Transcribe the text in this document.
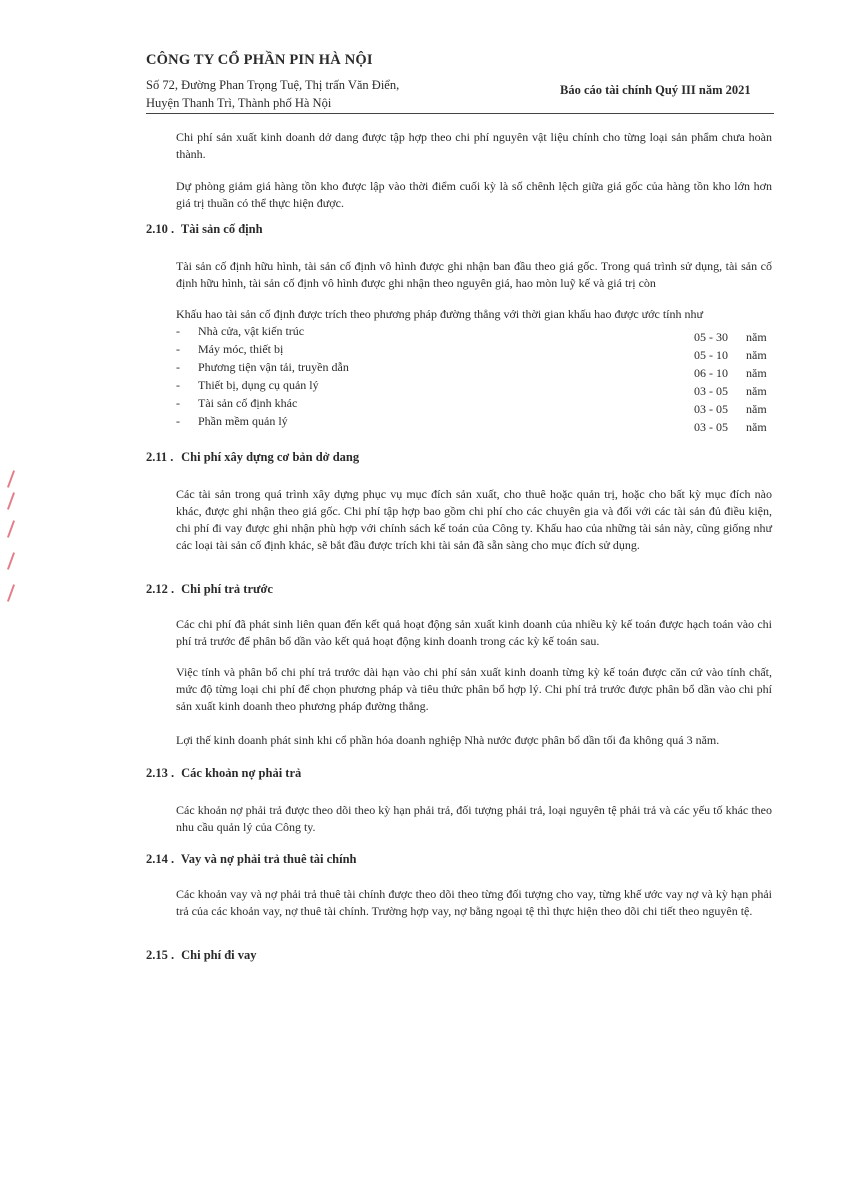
CÔNG TY CỔ PHẦN PIN HÀ NỘI
Số 72, Đường Phan Trọng Tuệ, Thị trấn Văn Điển,
Huyện Thanh Trì, Thành phố Hà Nội
Báo cáo tài chính Quý III năm 2021
Chi phí sản xuất kinh doanh dở dang được tập hợp theo chi phí nguyên vật liệu chính cho từng loại sản phẩm chưa hoàn thành.
Dự phòng giảm giá hàng tồn kho được lập vào thời điểm cuối kỳ là số chênh lệch giữa giá gốc của hàng tồn kho lớn hơn giá trị thuần có thể thực hiện được.
2.10 . Tài sản cố định
Tài sản cố định hữu hình, tài sản cố định vô hình được ghi nhận ban đầu theo giá gốc. Trong quá trình sử dụng, tài sản cố định hữu hình, tài sản cố định vô hình được ghi nhận theo nguyên giá, hao mòn luỹ kế và giá trị còn
Khấu hao tài sản cố định được trích theo phương pháp đường thẳng với thời gian khấu hao được ước tính như
- Nhà cửa, vật kiến trúc	05 - 30 năm
- Máy móc, thiết bị	05 - 10 năm
- Phương tiện vận tải, truyền dẫn	06 - 10 năm
- Thiết bị, dụng cụ quản lý	03 - 05 năm
- Tài sản cố định khác	03 - 05 năm
- Phần mềm quản lý	03 - 05 năm
2.11 . Chi phí xây dựng cơ bản dở dang
Các tài sản trong quá trình xây dựng phục vụ mục đích sản xuất, cho thuê hoặc quản trị, hoặc cho bất kỳ mục đích nào khác, được ghi nhận theo giá gốc. Chi phí tập hợp bao gồm chi phí cho các chuyên gia và đối với các tài sản đủ điều kiện, chi phí đi vay được ghi nhận phù hợp với chính sách kế toán của Công ty. Khấu hao của những tài sản này, cũng giống như các loại tài sản cố định khác, sẽ bắt đầu được trích khi tài sản đã sẵn sàng cho mục đích sử dụng.
2.12 . Chi phí trả trước
Các chi phí đã phát sinh liên quan đến kết quả hoạt động sản xuất kinh doanh của nhiều kỳ kế toán được hạch toán vào chi phí trả trước để phân bổ dần vào kết quả hoạt động kinh doanh trong các kỳ kế toán sau.
Việc tính và phân bổ chi phí trả trước dài hạn vào chi phí sản xuất kinh doanh từng kỳ kế toán được căn cứ vào tính chất, mức độ từng loại chi phí để chọn phương pháp và tiêu thức phân bổ hợp lý. Chi phí trả trước được phân bổ dần vào chi phí sản xuất kinh doanh theo phương pháp đường thẳng.
Lợi thế kinh doanh phát sinh khi cổ phần hóa doanh nghiệp Nhà nước được phân bổ dần tối đa không quá 3 năm.
2.13 . Các khoản nợ phải trả
Các khoản nợ phải trả được theo dõi theo kỳ hạn phải trả, đối tượng phải trả, loại nguyên tệ phải trả và các yếu tố khác theo nhu cầu quản lý của Công ty.
2.14 . Vay và nợ phải trả thuê tài chính
Các khoản vay và nợ phải trả thuê tài chính được theo dõi theo từng đối tượng cho vay, từng khế ước vay nợ và kỳ hạn phải trả của các khoản vay, nợ thuê tài chính. Trường hợp vay, nợ bằng ngoại tệ thì thực hiện theo dõi chi tiết theo nguyên tệ.
2.15 . Chi phí đi vay
